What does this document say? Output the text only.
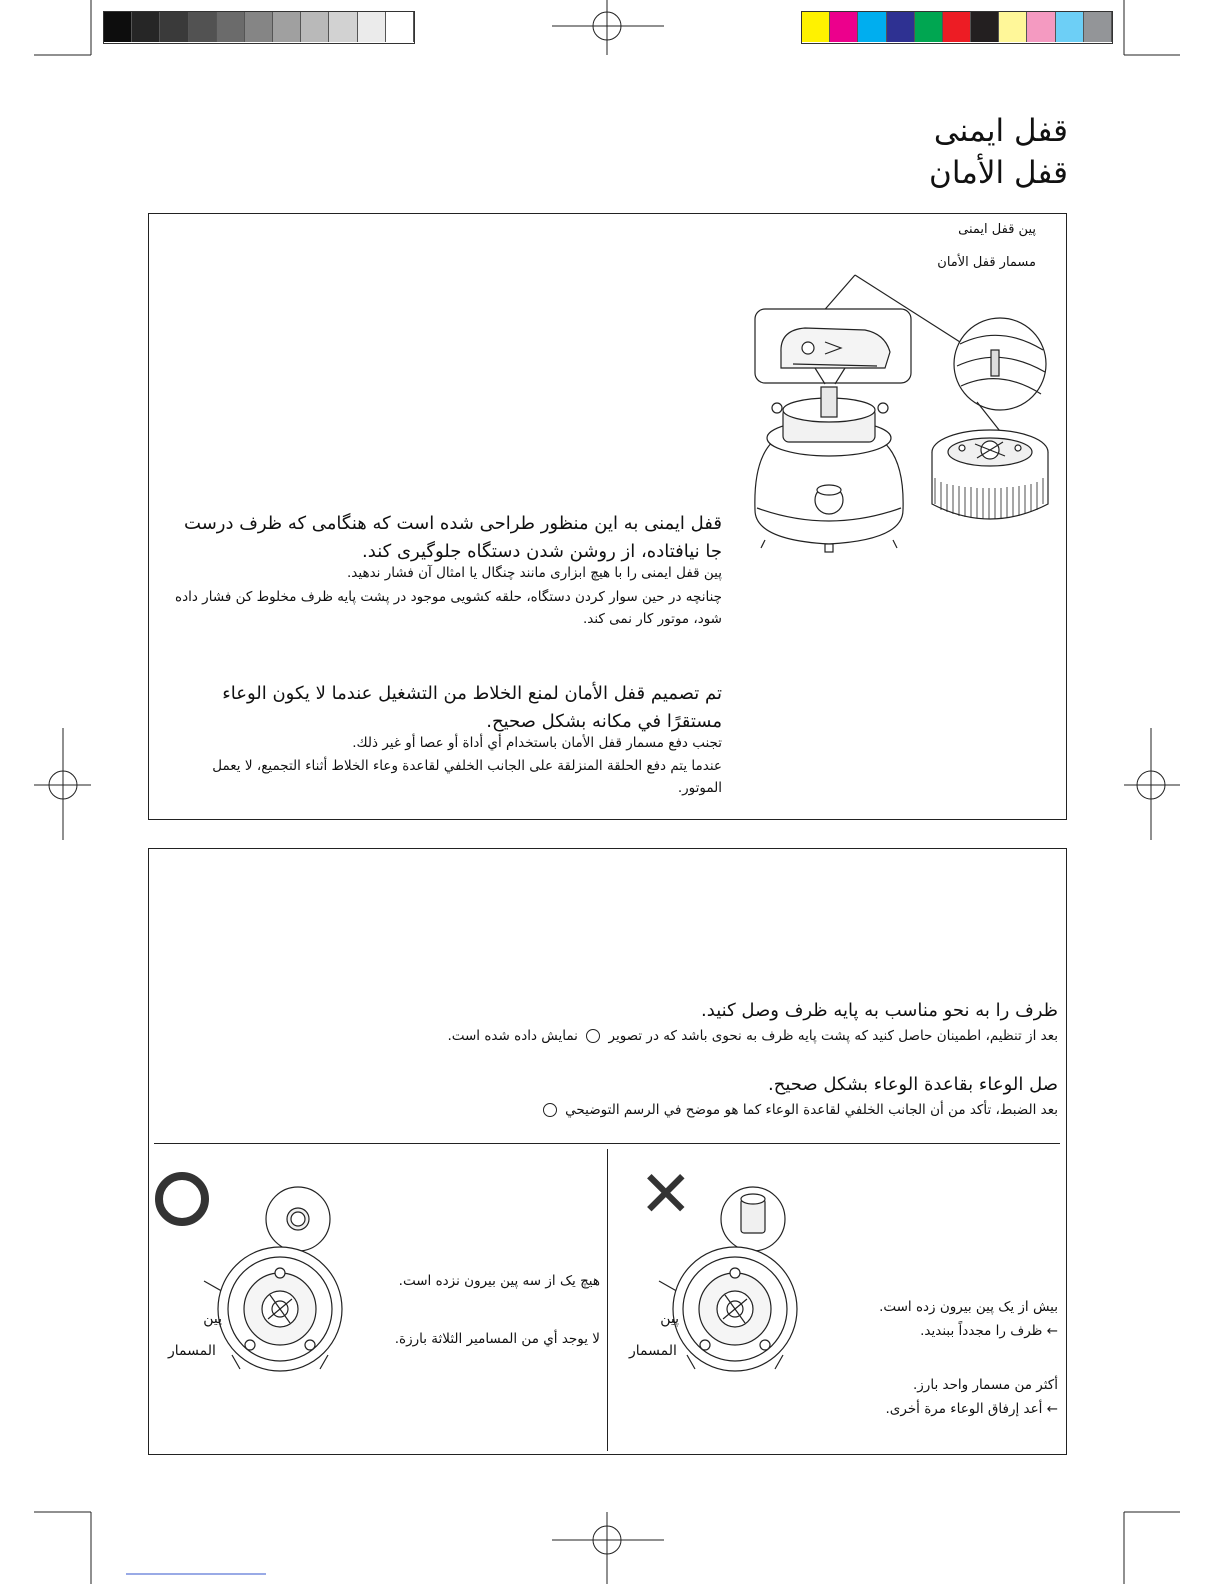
قفل ایمنی
قفل الأمان
پین قفل ایمنی
مسمار قفل الأمان
قفل ایمنی به این منظور طراحی شده است که هنگامی که ظرف درست جا نیافتاده، از روشن شدن دستگاه جلوگیری کند.
پین قفل ایمنی را با هیچ ابزاری مانند چنگال یا امثال آن فشار ندهید.
چنانچه در حین سوار کردن دستگاه، حلقه کشویی موجود در پشت پایه ظرف مخلوط کن فشار داده شود، موتور کار نمی کند.
تم تصميم قفل الأمان لمنع الخلاط من التشغيل عندما لا يكون الوعاء مستقرًا في مكانه بشكل صحيح.
تجنب دفع مسمار قفل الأمان باستخدام أي أداة أو عصا أو غير ذلك.
عندما يتم دفع الحلقة المنزلقة على الجانب الخلفي لقاعدة وعاء الخلاط أثناء التجميع، لا يعمل الموتور.
ظرف را به نحو مناسب به پایه ظرف وصل کنید.
بعد از تنظیم، اطمینان حاصل کنید که پشت پایه ظرف به نحوی باشد که در تصویر  نمایش داده شده است.
صل الوعاء بقاعدة الوعاء بشكل صحيح.
بعد الضبط، تأكد من أن الجانب الخلفي لقاعدة الوعاء كما هو موضح في الرسم التوضيحي
✕
پین
المسمار
بیش از یک پین بیرون زده است.
← ظرف را مجدداً ببندید.
أكثر من مسمار واحد بارز.
← أعد إرفاق الوعاء مرة أخرى.
پین
المسمار
هیچ یک از سه پین بیرون نزده است.
لا يوجد أي من المسامير الثلاثة بارزة.
